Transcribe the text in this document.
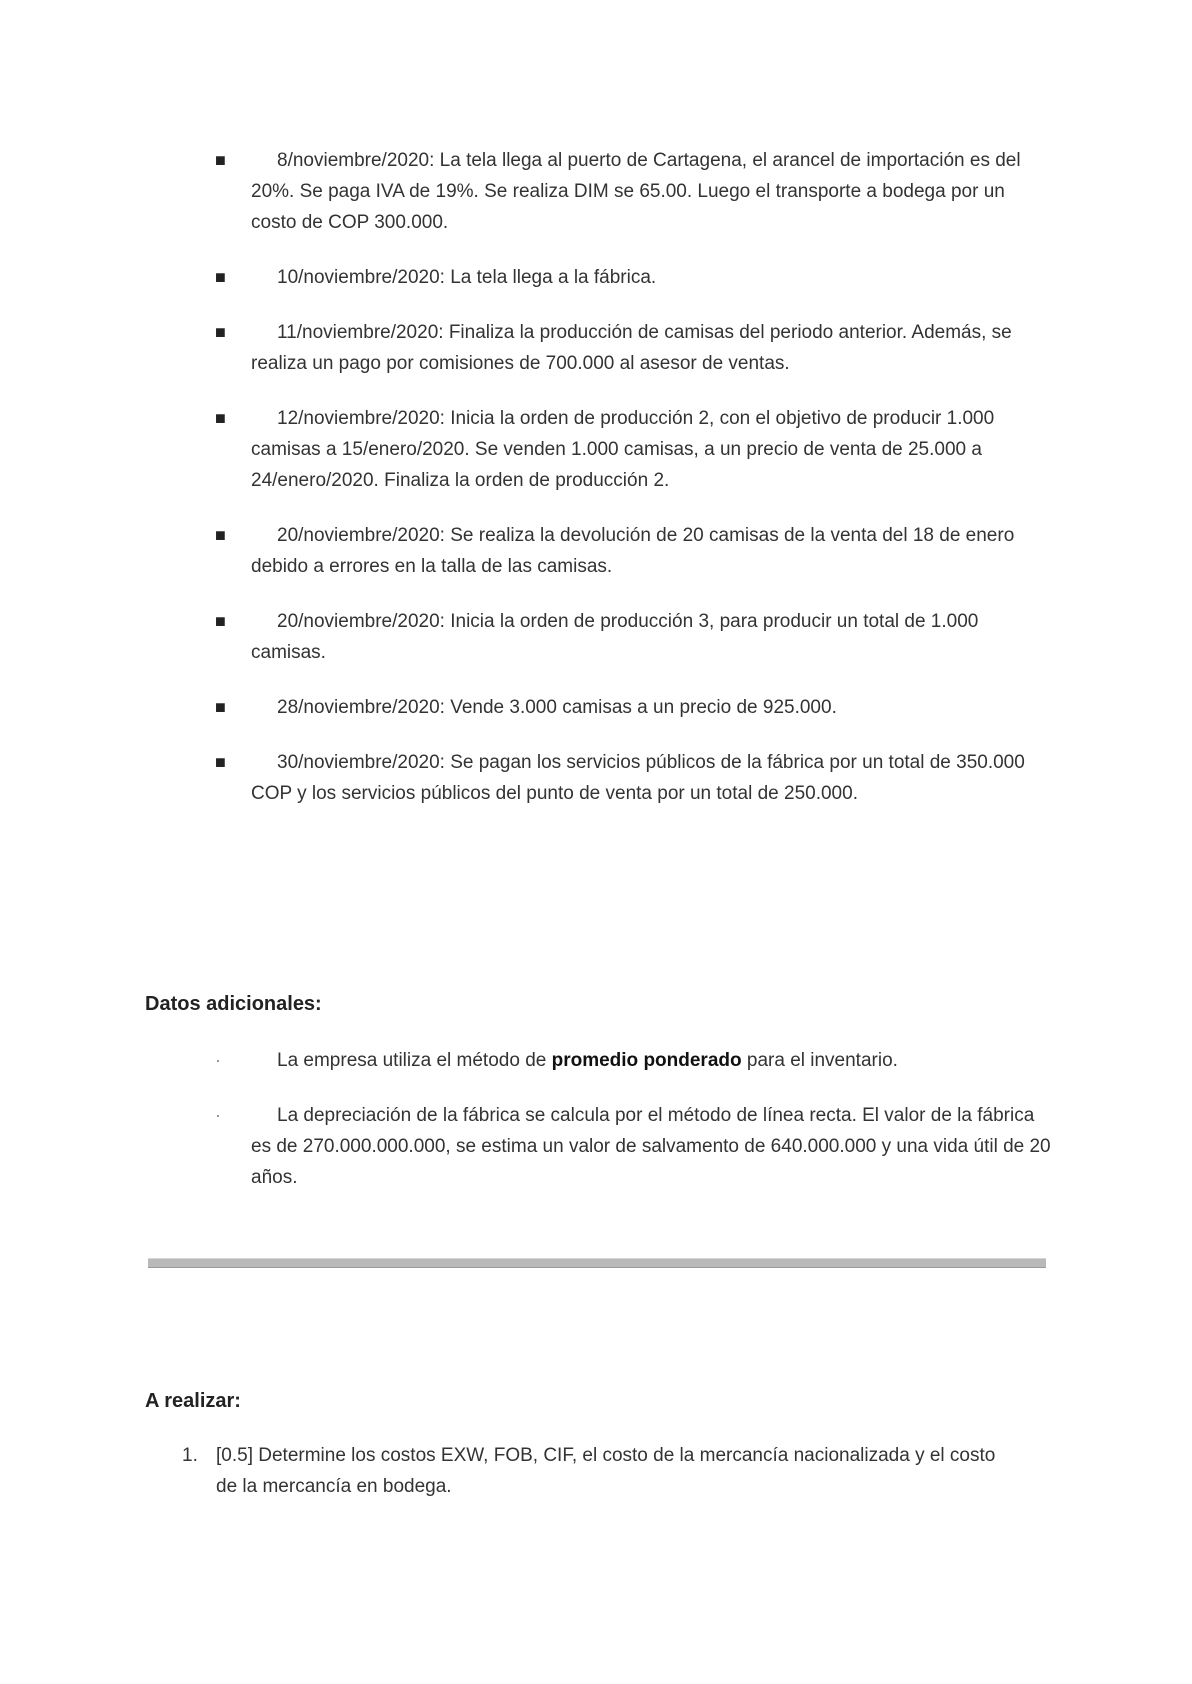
■	8/noviembre/2020: La tela llega al puerto de Cartagena, el arancel de importación es del 20%. Se paga IVA de 19%. Se realiza DIM se 65.00. Luego el transporte a bodega por un costo de COP 300.000.
■	10/noviembre/2020: La tela llega a la fábrica.
■	11/noviembre/2020: Finaliza la producción de camisas del periodo anterior. Además, se realiza un pago por comisiones de 700.000 al asesor de ventas.
■	12/noviembre/2020: Inicia la orden de producción 2, con el objetivo de producir 1.000 camisas a 15/enero/2020. Se venden 1.000 camisas, a un precio de venta de 25.000 a 24/enero/2020. Finaliza la orden de producción 2.
■	20/noviembre/2020: Se realiza la devolución de 20 camisas de la venta del 18 de enero debido a errores en la talla de las camisas.
■	20/noviembre/2020: Inicia la orden de producción 3, para producir un total de 1.000 camisas.
■	28/noviembre/2020: Vende 3.000 camisas a un precio de 925.000.
■	30/noviembre/2020: Se pagan los servicios públicos de la fábrica por un total de 350.000 COP y los servicios públicos del punto de venta por un total de 250.000.
Datos adicionales:
·	La empresa utiliza el método de promedio ponderado para el inventario.
·	La depreciación de la fábrica se calcula por el método de línea recta. El valor de la fábrica es de 270.000.000.000, se estima un valor de salvamento de 640.000.000 y una vida útil de 20 años.
A realizar:
1. [0.5] Determine los costos EXW, FOB, CIF, el costo de la mercancía nacionalizada y el costo de la mercancía en bodega.
